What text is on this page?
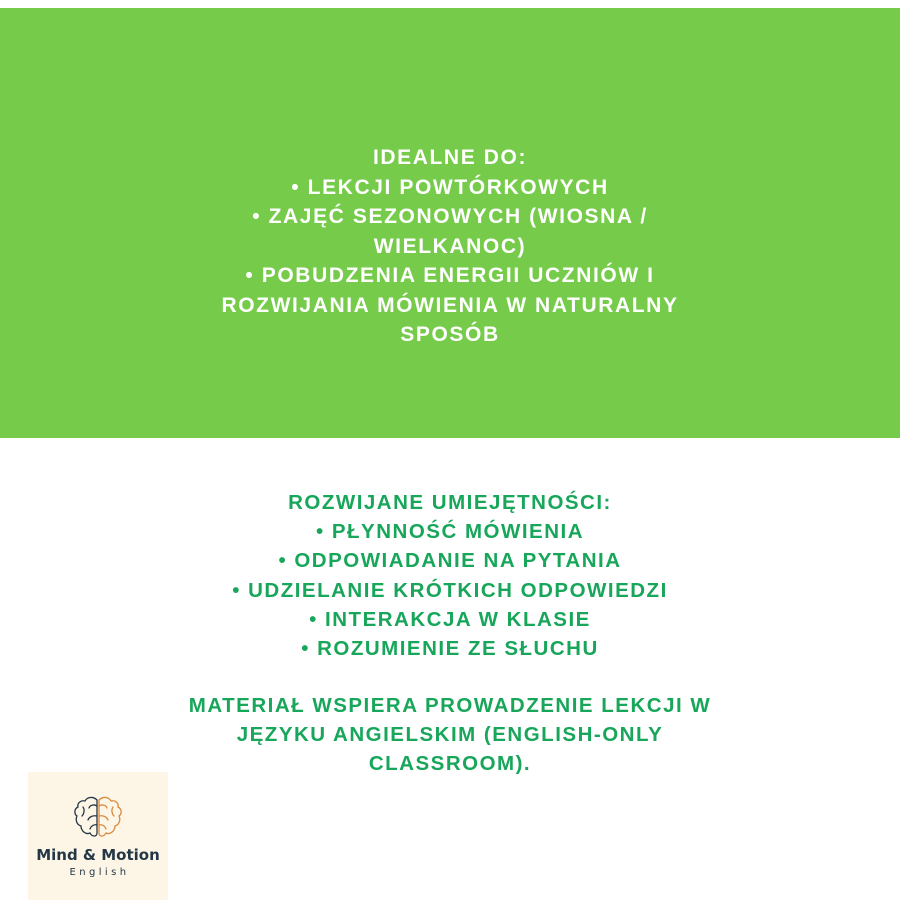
IDEALNE DO:
• LEKCJI POWTÓRKOWYCH
• ZAJĘĆ SEZONOWYCH (WIOSNA /
WIELKANOC)
• POBUDZENIA ENERGII UCZNIÓW I
ROZWIJANIA MÓWIENIA W NATURALNY
SPOSÓB
ROZWIJANE UMIEJĘTNOŚCI:
• PŁYNNOŚĆ MÓWIENIA
• ODPOWIADANIE NA PYTANIA
• UDZIELANIE KRÓTKICH ODPOWIEDZI
• INTERAKCJA W KLASIE
• ROZUMIENIE ZE SŁUCHU
MATERIAŁ WSPIERA PROWADZENIE LEKCJI W
JĘZYKU ANGIELSKIM (ENGLISH-ONLY
CLASSROOM).
Mind & Motion
English
